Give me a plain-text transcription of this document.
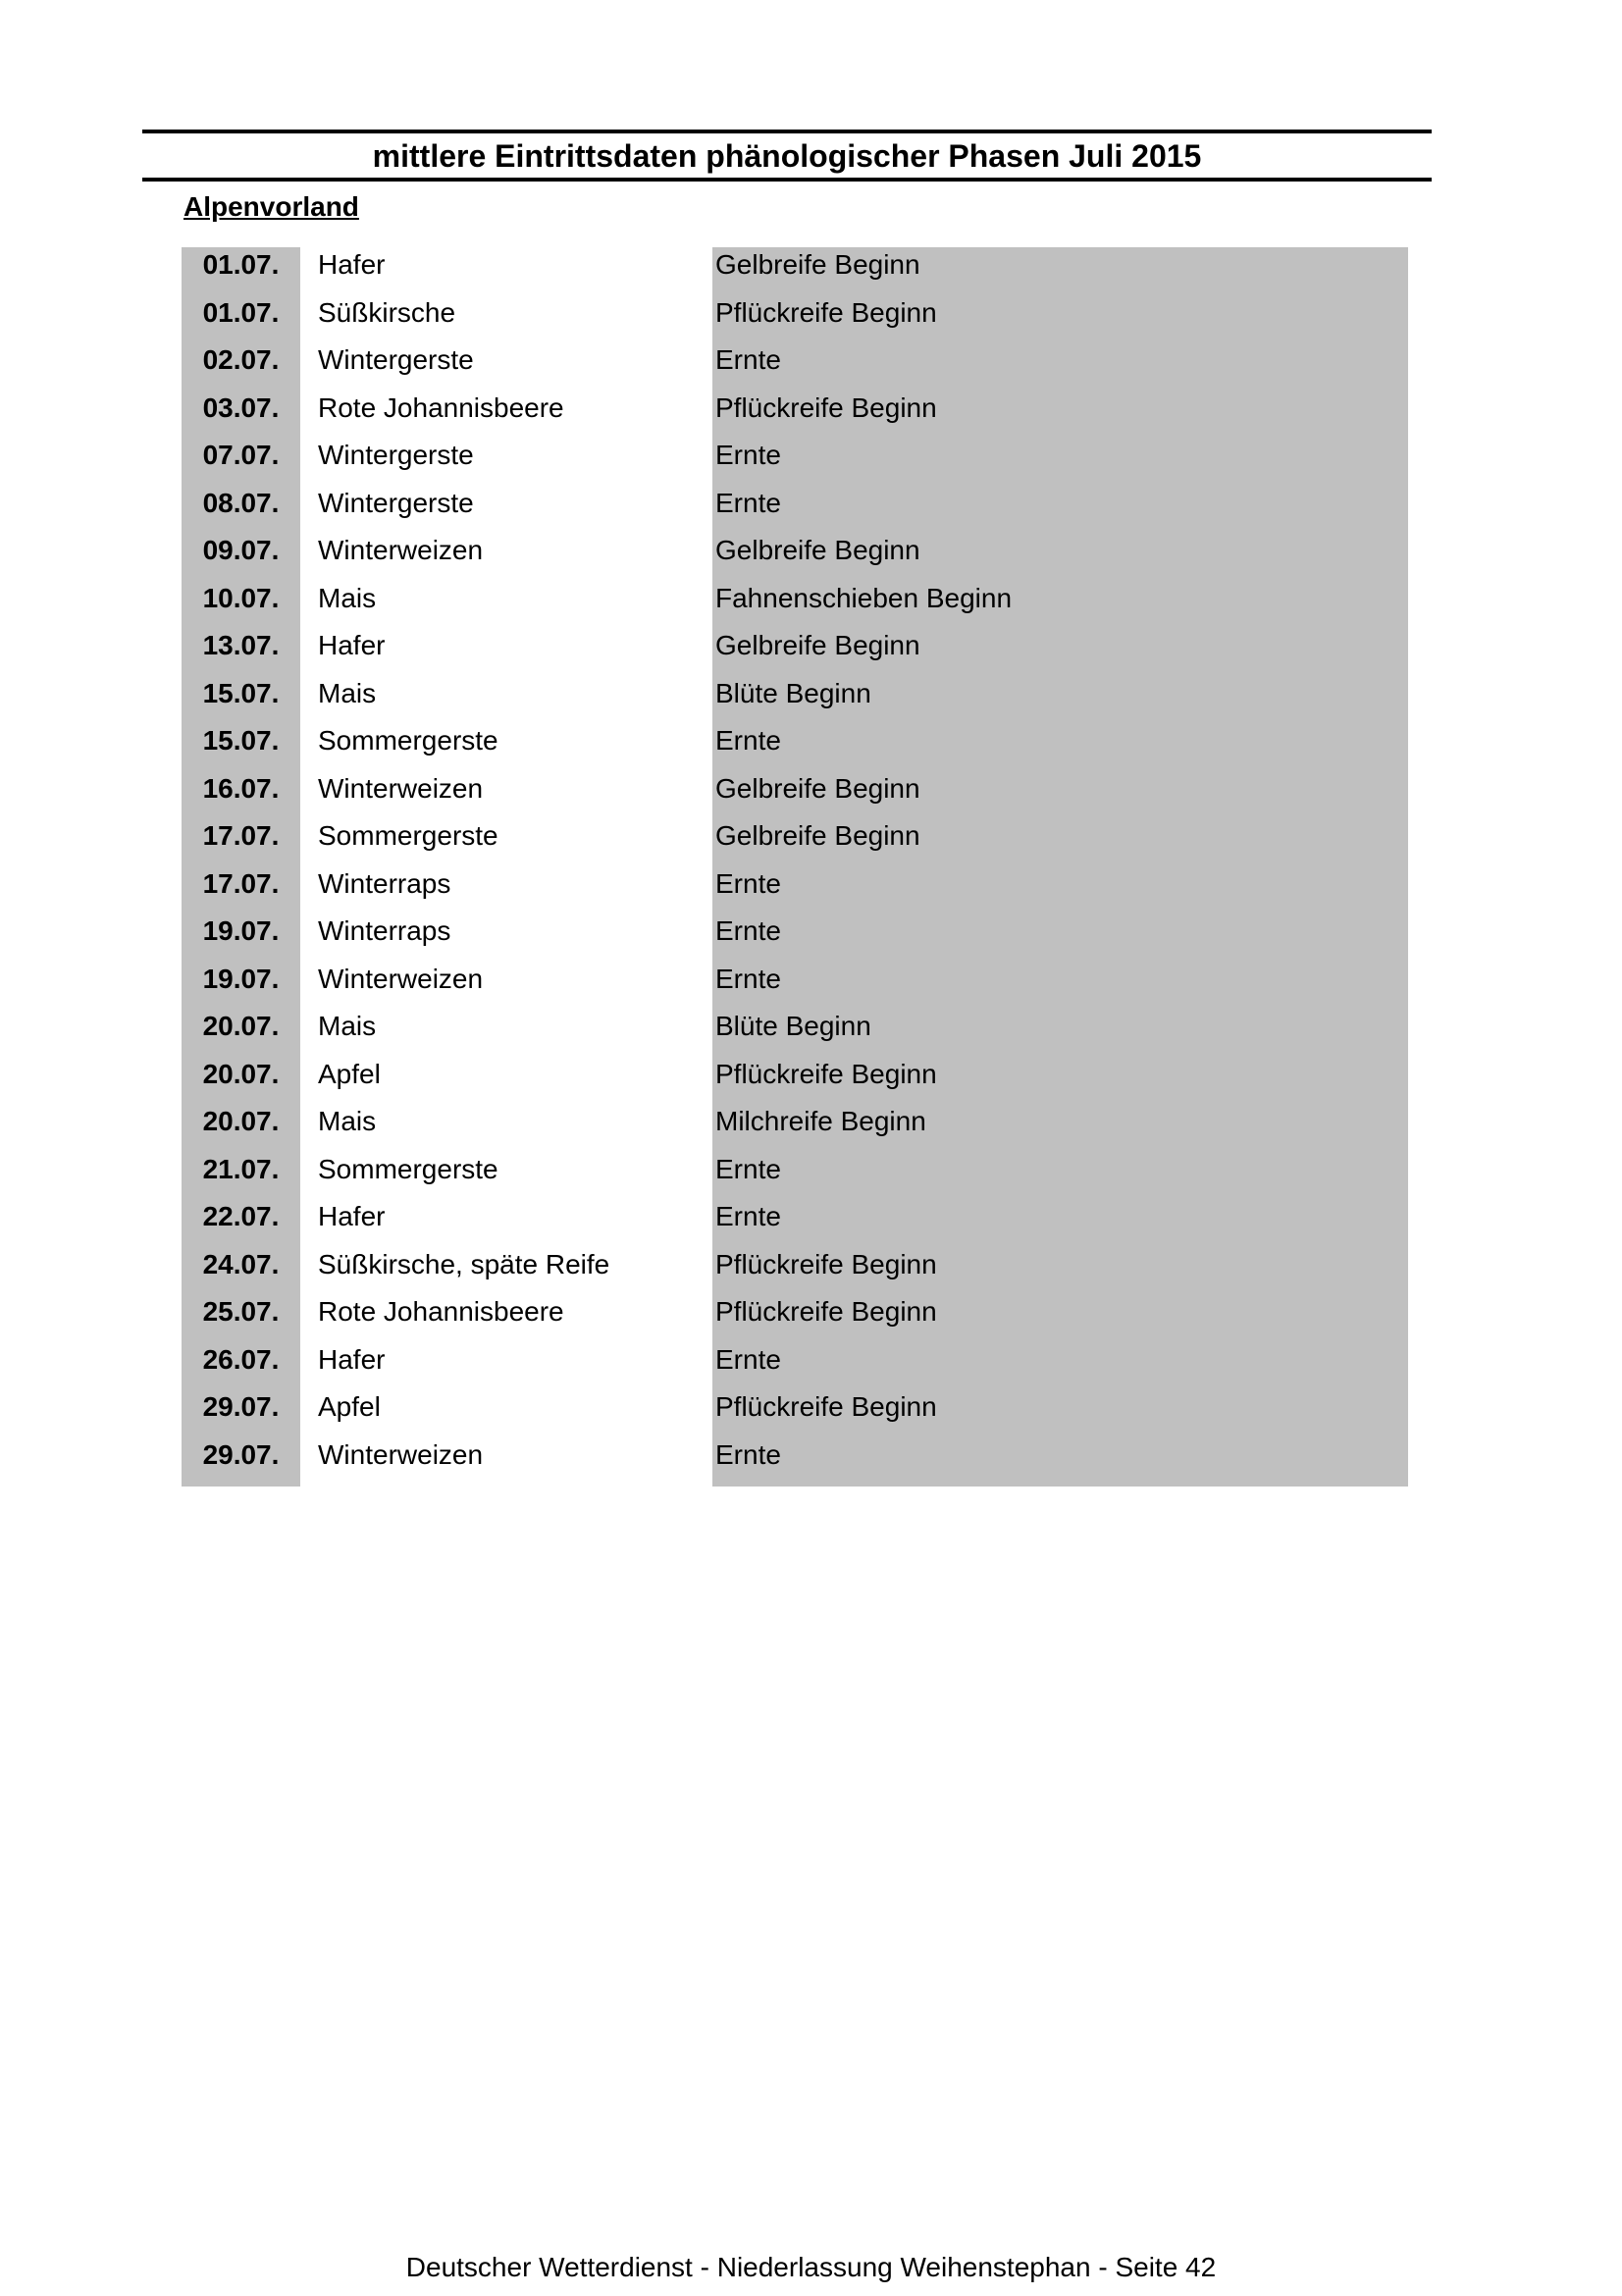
mittlere Eintrittsdaten phänologischer Phasen Juli 2015
Alpenvorland
01.07.	Hafer	Gelbreife Beginn
01.07.	Süßkirsche	Pflückreife Beginn
02.07.	Wintergerste	Ernte
03.07.	Rote Johannisbeere	Pflückreife Beginn
07.07.	Wintergerste	Ernte
08.07.	Wintergerste	Ernte
09.07.	Winterweizen	Gelbreife Beginn
10.07.	Mais	Fahnenschieben Beginn
13.07.	Hafer	Gelbreife Beginn
15.07.	Mais	Blüte Beginn
15.07.	Sommergerste	Ernte
16.07.	Winterweizen	Gelbreife Beginn
17.07.	Sommergerste	Gelbreife Beginn
17.07.	Winterraps	Ernte
19.07.	Winterraps	Ernte
19.07.	Winterweizen	Ernte
20.07.	Mais	Blüte Beginn
20.07.	Apfel	Pflückreife Beginn
20.07.	Mais	Milchreife Beginn
21.07.	Sommergerste	Ernte
22.07.	Hafer	Ernte
24.07.	Süßkirsche, späte Reife	Pflückreife Beginn
25.07.	Rote Johannisbeere	Pflückreife Beginn
26.07.	Hafer	Ernte
29.07.	Apfel	Pflückreife Beginn
29.07.	Winterweizen	Ernte
Deutscher Wetterdienst - Niederlassung Weihenstephan - Seite 42
